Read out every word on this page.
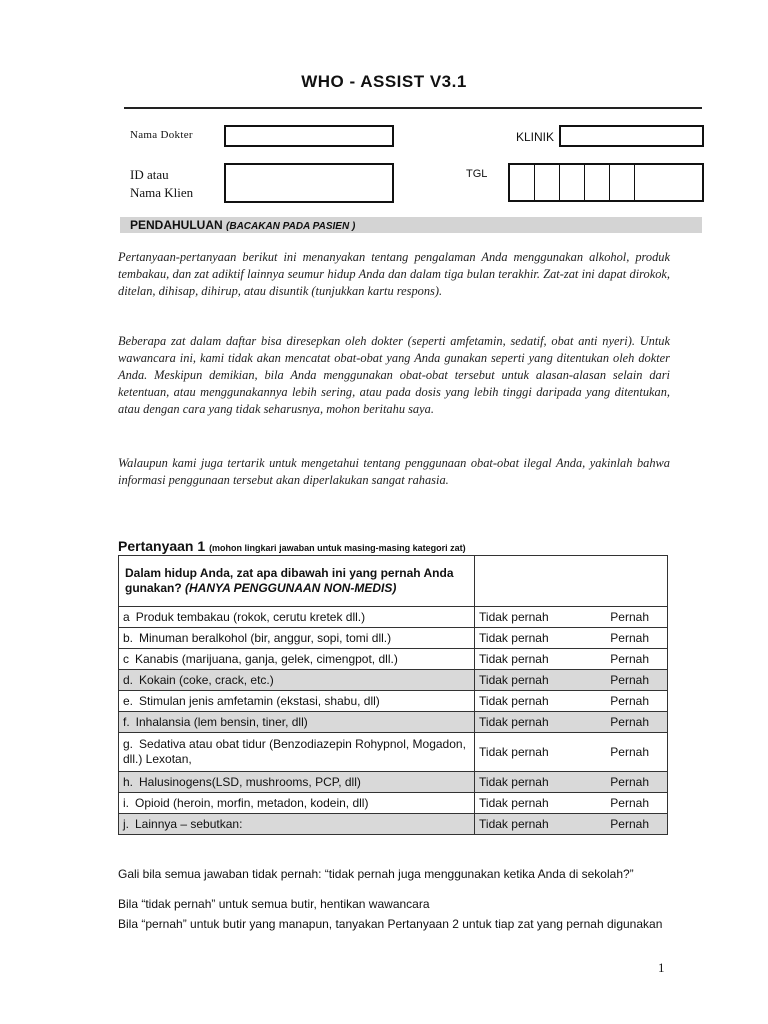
WHO - ASSIST V3.1
Nama Dokter	KLINIK
ID atau
Nama Klien
TGL
PENDAHULUAN (BACAKAN PADA PASIEN )
Pertanyaan-pertanyaan berikut ini menanyakan tentang pengalaman Anda menggunakan alkohol, produk tembakau, dan zat adiktif lainnya seumur hidup Anda dan dalam tiga bulan terakhir. Zat-zat ini dapat dirokok, ditelan, dihisap, dihirup, atau disuntik (tunjukkan kartu respons).
Beberapa zat dalam daftar bisa diresepkan oleh dokter (seperti amfetamin, sedatif, obat anti nyeri). Untuk wawancara ini, kami tidak akan mencatat obat-obat yang Anda gunakan seperti yang ditentukan oleh dokter Anda. Meskipun demikian, bila Anda menggunakan obat-obat tersebut untuk alasan-alasan selain dari ketentuan, atau menggunakannya lebih sering, atau pada dosis yang lebih tinggi daripada yang ditentukan, atau dengan cara yang tidak seharusnya, mohon beritahu saya.
Walaupun kami juga tertarik untuk mengetahui tentang penggunaan obat-obat ilegal Anda, yakinlah bahwa informasi penggunaan tersebut akan diperlakukan sangat rahasia.
Pertanyaan 1 (mohon lingkari jawaban untuk masing-masing kategori zat)
Dalam hidup Anda, zat apa dibawah ini yang pernah Anda gunakan? (HANYA PENGGUNAAN NON-MEDIS)	
a Produk tembakau (rokok, cerutu kretek dll.)	Tidak pernah Pernah

b. Minuman beralkohol (bir, anggur, sopi, tomi dll.)	Tidak pernah Pernah

c Kanabis (marijuana, ganja, gelek, cimengpot, dll.)	Tidak pernah Pernah

d. Kokain (coke, crack, etc.)	Tidak pernah Pernah

e. Stimulan jenis amfetamin (ekstasi, shabu, dll)	Tidak pernah Pernah

f. Inhalansia (lem bensin, tiner, dll)	Tidak pernah Pernah

g. Sedativa atau obat tidur (Benzodiazepin Rohypnol, Mogadon, dll.) Lexotan,	Tidak pernah Pernah

h. Halusinogens(LSD, mushrooms, PCP, dll)	Tidak pernah Pernah

i. Opioid (heroin, morfin, metadon, kodein, dll)	Tidak pernah Pernah

j. Lainnya – sebutkan:	Tidak pernah Pernah
Gali bila semua jawaban tidak pernah: “tidak pernah juga menggunakan ketika Anda di sekolah?”
Bila “tidak pernah” untuk semua butir, hentikan wawancara
Bila “pernah” untuk butir yang manapun, tanyakan Pertanyaan 2 untuk tiap zat yang pernah digunakan
1
